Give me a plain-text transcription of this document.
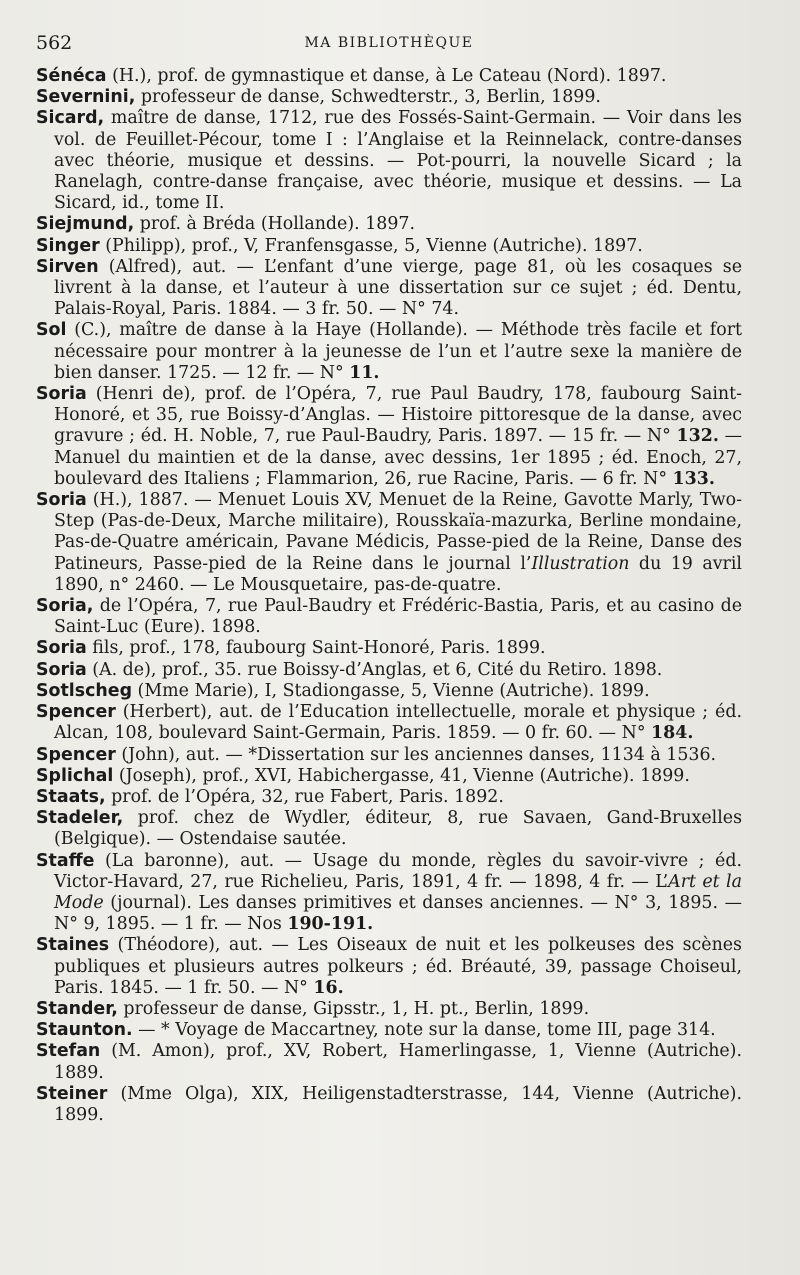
562	MA BIBLIOTHÈQUE

Sénéca (H.), prof. de gymnastique et danse, à Le Cateau (Nord). 1897.

Severnini, professeur de danse, Schwedterstr., 3, Berlin, 1899.

Sicard, maître de danse, 1712, rue des Fossés-Saint-Germain. — Voir dans les vol. de Feuillet-Pécour, tome I : l’Anglaise et la Reinnelack, contre-danses avec théorie, musique et dessins. — Pot-pourri, la nouvelle Sicard ; la Ranelagh, contre-danse française, avec théorie, musique et dessins. — La Sicard, id., tome II.

Siejmund, prof. à Bréda (Hollande). 1897.

Singer (Philipp), prof., V, Franfensgasse, 5, Vienne (Autriche). 1897.

Sirven (Alfred), aut. — L’enfant d’une vierge, page 81, où les cosaques se livrent à la danse, et l’auteur à une dissertation sur ce sujet ; éd. Dentu, Palais-Royal, Paris. 1884. — 3 fr. 50. — N° 74.

Sol (C.), maître de danse à la Haye (Hollande). — Méthode très facile et fort nécessaire pour montrer à la jeunesse de l’un et l’autre sexe la manière de bien danser. 1725. — 12 fr. — N° 11.

Soria (Henri de), prof. de l’Opéra, 7, rue Paul Baudry, 178, faubourg Saint-Honoré, et 35, rue Boissy-d’Anglas. — Histoire pittoresque de la danse, avec gravure ; éd. H. Noble, 7, rue Paul-Baudry, Paris. 1897. — 15 fr. — N° 132. — Manuel du maintien et de la danse, avec dessins, 1er 1895 ; éd. Enoch, 27, boulevard des Italiens ; Flammarion, 26, rue Racine, Paris. — 6 fr. N° 133.

Soria (H.), 1887. — Menuet Louis XV, Menuet de la Reine, Gavotte Marly, Two-Step (Pas-de-Deux, Marche militaire), Rousskaïa-mazurka, Berline mondaine, Pas-de-Quatre américain, Pavane Médicis, Passe-pied de la Reine, Danse des Patineurs, Passe-pied de la Reine dans le journal l’Illustration du 19 avril 1890, n° 2460. — Le Mousquetaire, pas-de-quatre.

Soria, de l’Opéra, 7, rue Paul-Baudry et Frédéric-Bastia, Paris, et au casino de Saint-Luc (Eure). 1898.

Soria fils, prof., 178, faubourg Saint-Honoré, Paris. 1899.

Soria (A. de), prof., 35. rue Boissy-d’Anglas, et 6, Cité du Retiro. 1898.

Sotlscheg (Mme Marie), I, Stadiongasse, 5, Vienne (Autriche). 1899.

Spencer (Herbert), aut. de l’Education intellectuelle, morale et physique ; éd. Alcan, 108, boulevard Saint-Germain, Paris. 1859. — 0 fr. 60. — N° 184.

Spencer (John), aut. — *Dissertation sur les anciennes danses, 1134 à 1536.

Splichal (Joseph), prof., XVI, Habichergasse, 41, Vienne (Autriche). 1899.

Staats, prof. de l’Opéra, 32, rue Fabert, Paris. 1892.

Stadeler, prof. chez de Wydler, éditeur, 8, rue Savaen, Gand-Bruxelles (Belgique). — Ostendaise sautée.

Staffe (La baronne), aut. — Usage du monde, règles du savoir-vivre ; éd. Victor-Havard, 27, rue Richelieu, Paris, 1891, 4 fr. — 1898, 4 fr. — L’Art et la Mode (journal). Les danses primitives et danses anciennes. — N° 3, 1895. — N° 9, 1895. — 1 fr. — Nos 190-191.

Staines (Théodore), aut. — Les Oiseaux de nuit et les polkeuses des scènes publiques et plusieurs autres polkeurs ; éd. Bréauté, 39, passage Choiseul, Paris. 1845. — 1 fr. 50. — N° 16.

Stander, professeur de danse, Gipsstr., 1, H. pt., Berlin, 1899.

Staunton. — * Voyage de Maccartney, note sur la danse, tome III, page 314.

Stefan (M. Amon), prof., XV, Robert, Hamerlingasse, 1, Vienne (Autriche). 1889.

Steiner (Mme Olga), XIX, Heiligenstadterstrasse, 144, Vienne (Autriche). 1899.
